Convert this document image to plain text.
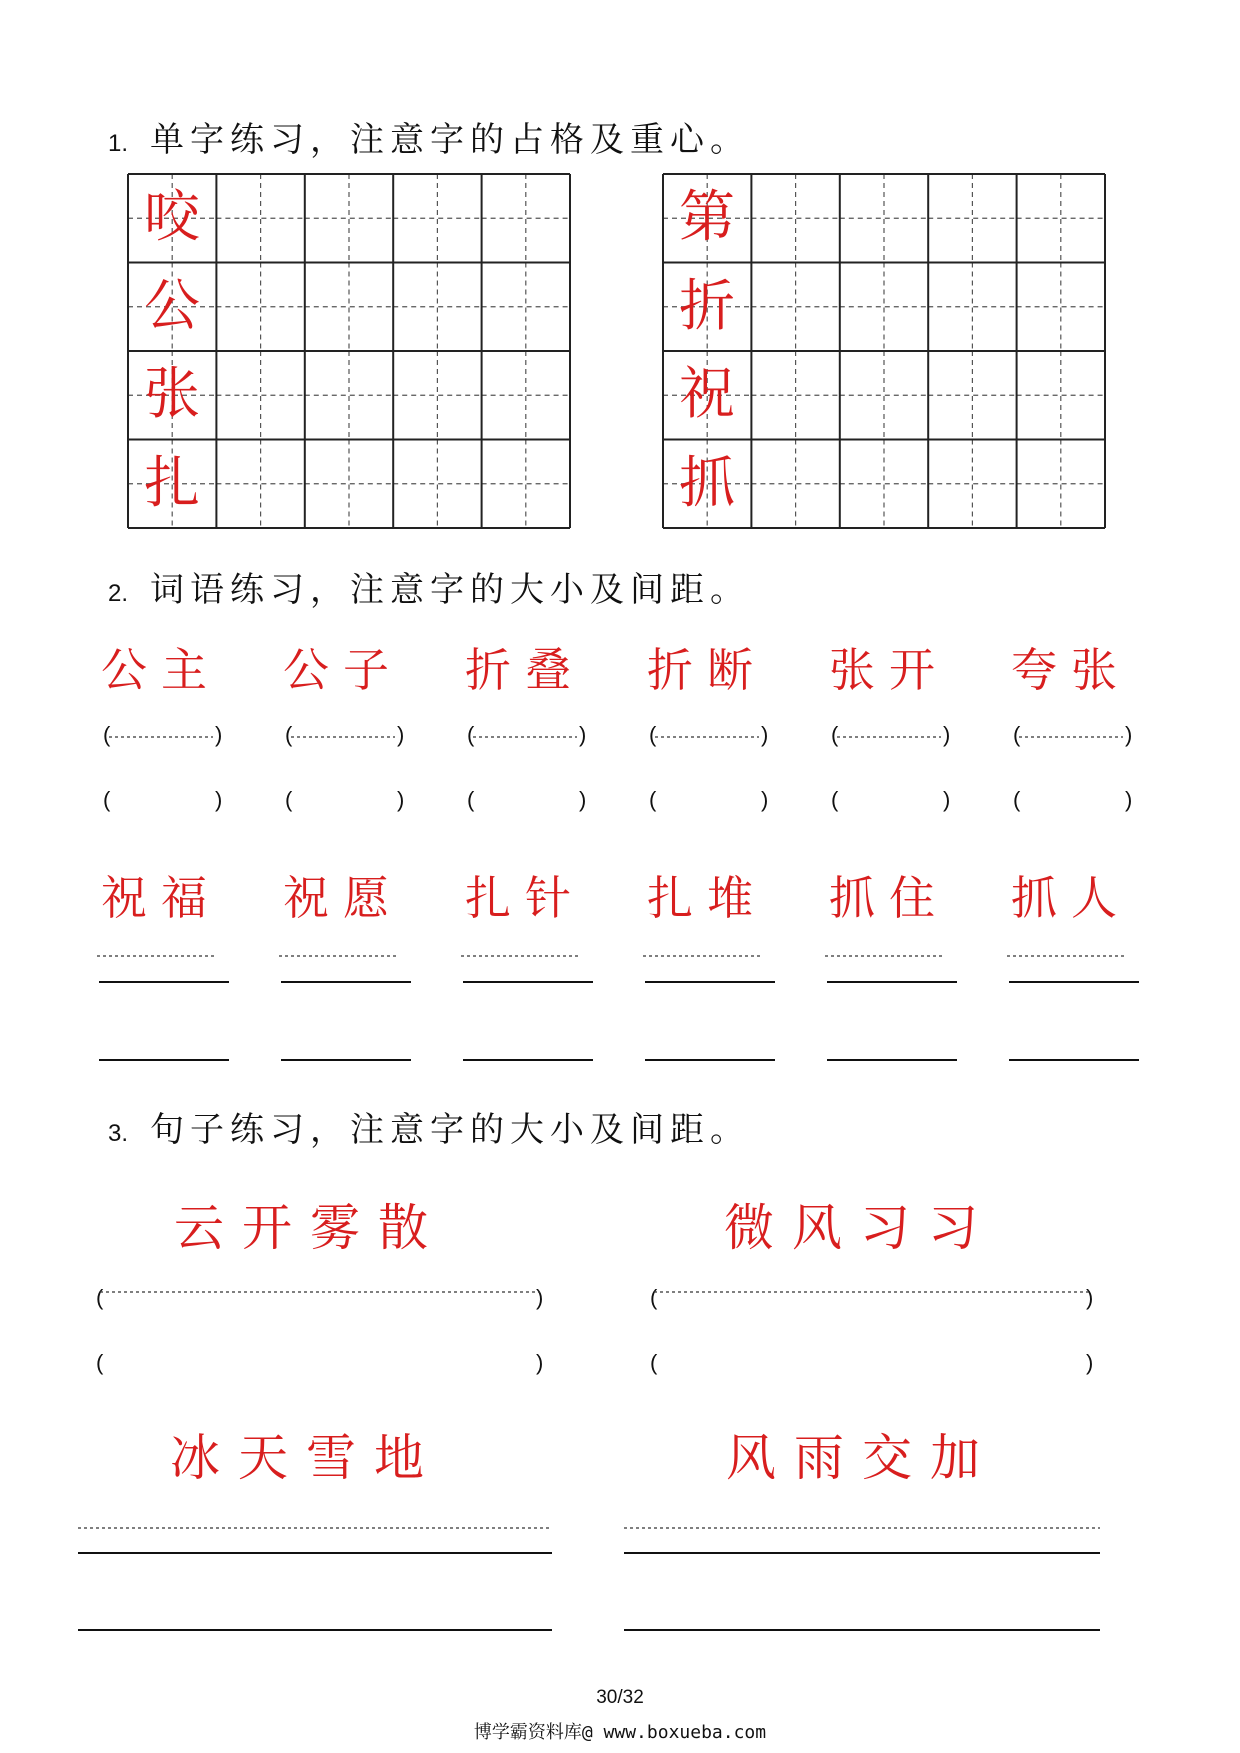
1. 单字练习，注意字的占格及重心。
咬
公
张
扎
第
折
祝
抓
2. 词语练习，注意字的大小及间距。
公主 公子 折叠 折断 张开 夸张
祝福 祝愿 扎针 扎堆 抓住 抓人
3. 句子练习，注意字的大小及间距。
云开雾散	微风习习
冰天雪地	风雨交加
(	)
(	)
(	)
(	)
30/32
博学霸资料库@ www.boxueba.com
(	)
(	)
(	)
(	)
(	)
(	)
(	)
(	)
(	)
(	)
(	)
(	)
